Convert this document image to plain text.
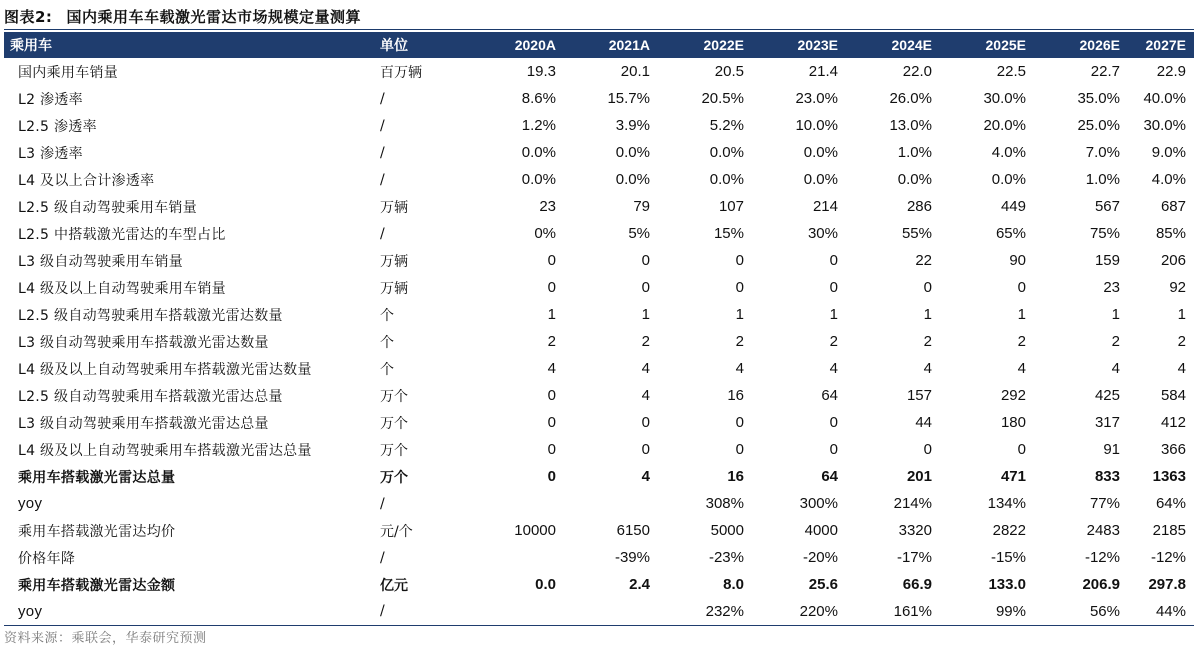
图表2: 国内乘用车车载激光雷达市场规模定量测算
乘用车	单位	2020A	2021A	2022E	2023E	2024E	2025E	2026E	2027E
国内乘用车销量	百万辆	19.3	20.1	20.5	21.4	22.0	22.5	22.7	22.9
L2 渗透率	/	8.6%	15.7%	20.5%	23.0%	26.0%	30.0%	35.0%	40.0%
L2.5 渗透率	/	1.2%	3.9%	5.2%	10.0%	13.0%	20.0%	25.0%	30.0%
L3 渗透率	/	0.0%	0.0%	0.0%	0.0%	1.0%	4.0%	7.0%	9.0%
L4 及以上合计渗透率	/	0.0%	0.0%	0.0%	0.0%	0.0%	0.0%	1.0%	4.0%
L2.5 级自动驾驶乘用车销量	万辆	23	79	107	214	286	449	567	687
L2.5 中搭载激光雷达的车型占比	/	0%	5%	15%	30%	55%	65%	75%	85%
L3 级自动驾驶乘用车销量	万辆	0	0	0	0	22	90	159	206
L4 级及以上自动驾驶乘用车销量	万辆	0	0	0	0	0	0	23	92
L2.5 级自动驾驶乘用车搭载激光雷达数量	个	1	1	1	1	1	1	1	1
L3 级自动驾驶乘用车搭载激光雷达数量	个	2	2	2	2	2	2	2	2
L4 级及以上自动驾驶乘用车搭载激光雷达数量	个	4	4	4	4	4	4	4	4
L2.5 级自动驾驶乘用车搭载激光雷达总量	万个	0	4	16	64	157	292	425	584
L3 级自动驾驶乘用车搭载激光雷达总量	万个	0	0	0	0	44	180	317	412
L4 级及以上自动驾驶乘用车搭载激光雷达总量	万个	0	0	0	0	0	0	91	366
乘用车搭载激光雷达总量	万个	0	4	16	64	201	471	833	1363
yoy	/			308%	300%	214%	134%	77%	64%
乘用车搭载激光雷达均价	元/个	10000	6150	5000	4000	3320	2822	2483	2185
价格年降	/		-39%	-23%	-20%	-17%	-15%	-12%	-12%
乘用车搭载激光雷达金额	亿元	0.0	2.4	8.0	25.6	66.9	133.0	206.9	297.8
yoy	/			232%	220%	161%	99%	56%	44%
资料来源：乘联会，华泰研究预测
